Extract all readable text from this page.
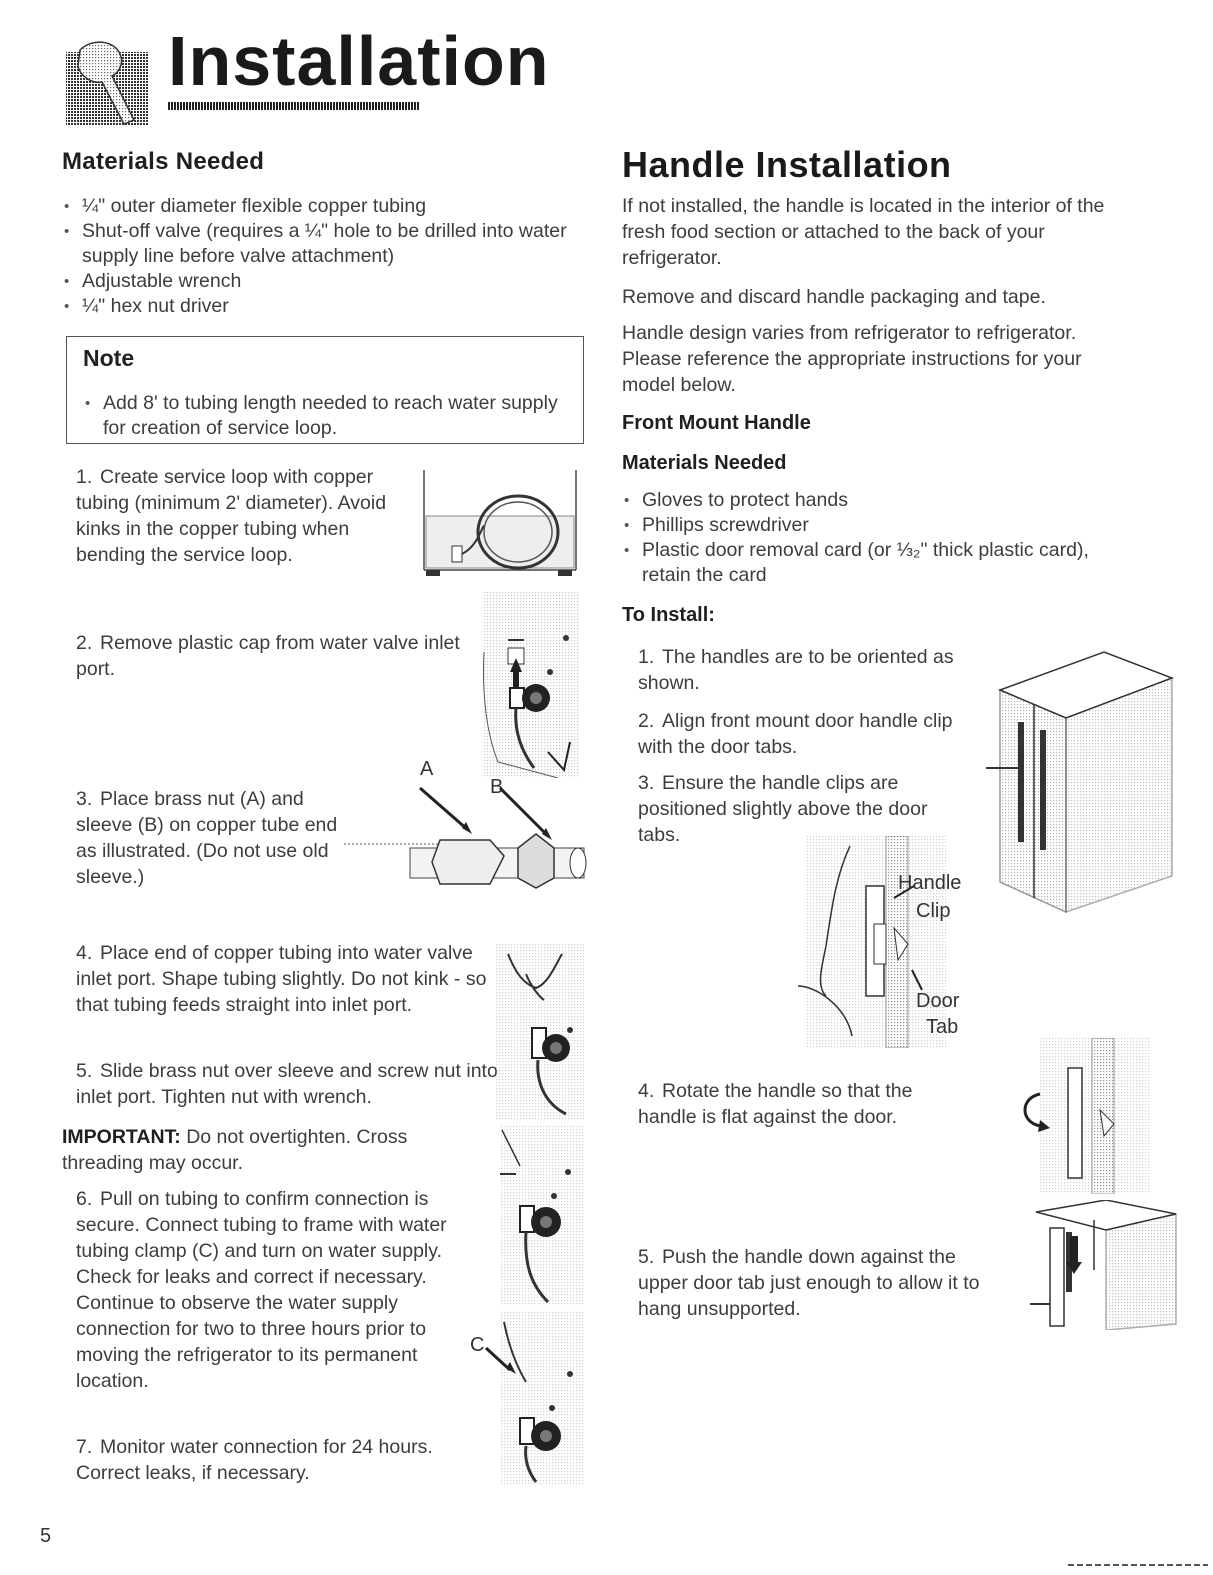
Installation
Materials Needed
• ¼" outer diameter flexible copper tubing
• Shut-off valve (requires a ¼" hole to be drilled into water supply line before valve attachment)
• Adjustable wrench
• ¼" hex nut driver
Note
• Add 8' to tubing length needed to reach water supply for creation of service loop.
1. Create service loop with copper tubing (minimum 2' diameter). Avoid kinks in the copper tubing when bending the service loop.
2. Remove plastic cap from water valve inlet port.
3. Place brass nut (A) and sleeve (B) on copper tube end as illustrated. (Do not use old sleeve.)
A
B
4. Place end of copper tubing into water valve inlet port. Shape tubing slightly. Do not kink - so that tubing feeds straight into inlet port.
5. Slide brass nut over sleeve and screw nut into inlet port. Tighten nut with wrench.
IMPORTANT: Do not overtighten. Cross threading may occur.
6. Pull on tubing to confirm connection is secure. Connect tubing to frame with water tubing clamp (C) and turn on water supply. Check for leaks and correct if necessary. Continue to observe the water supply connection for two to three hours prior to moving the refrigerator to its permanent location.
7. Monitor water connection for 24 hours. Correct leaks, if necessary.
C
5
Handle Installation
If not installed, the handle is located in the interior of the fresh food section or attached to the back of your refrigerator.
Remove and discard handle packaging and tape.
Handle design varies from refrigerator to refrigerator. Please reference the appropriate instructions for your model below.
Front Mount Handle
Materials Needed
• Gloves to protect hands
• Phillips screwdriver
• Plastic door removal card (or ⅓₂" thick plastic card), retain the card
To Install:
1. The handles are to be oriented as shown.
2. Align front mount door handle clip with the door tabs.
3. Ensure the handle clips are positioned slightly above the door tabs.
Handle
Clip
Door
Tab
4. Rotate the handle so that the handle is flat against the door.
5. Push the handle down against the upper door tab just enough to allow it to hang unsupported.
